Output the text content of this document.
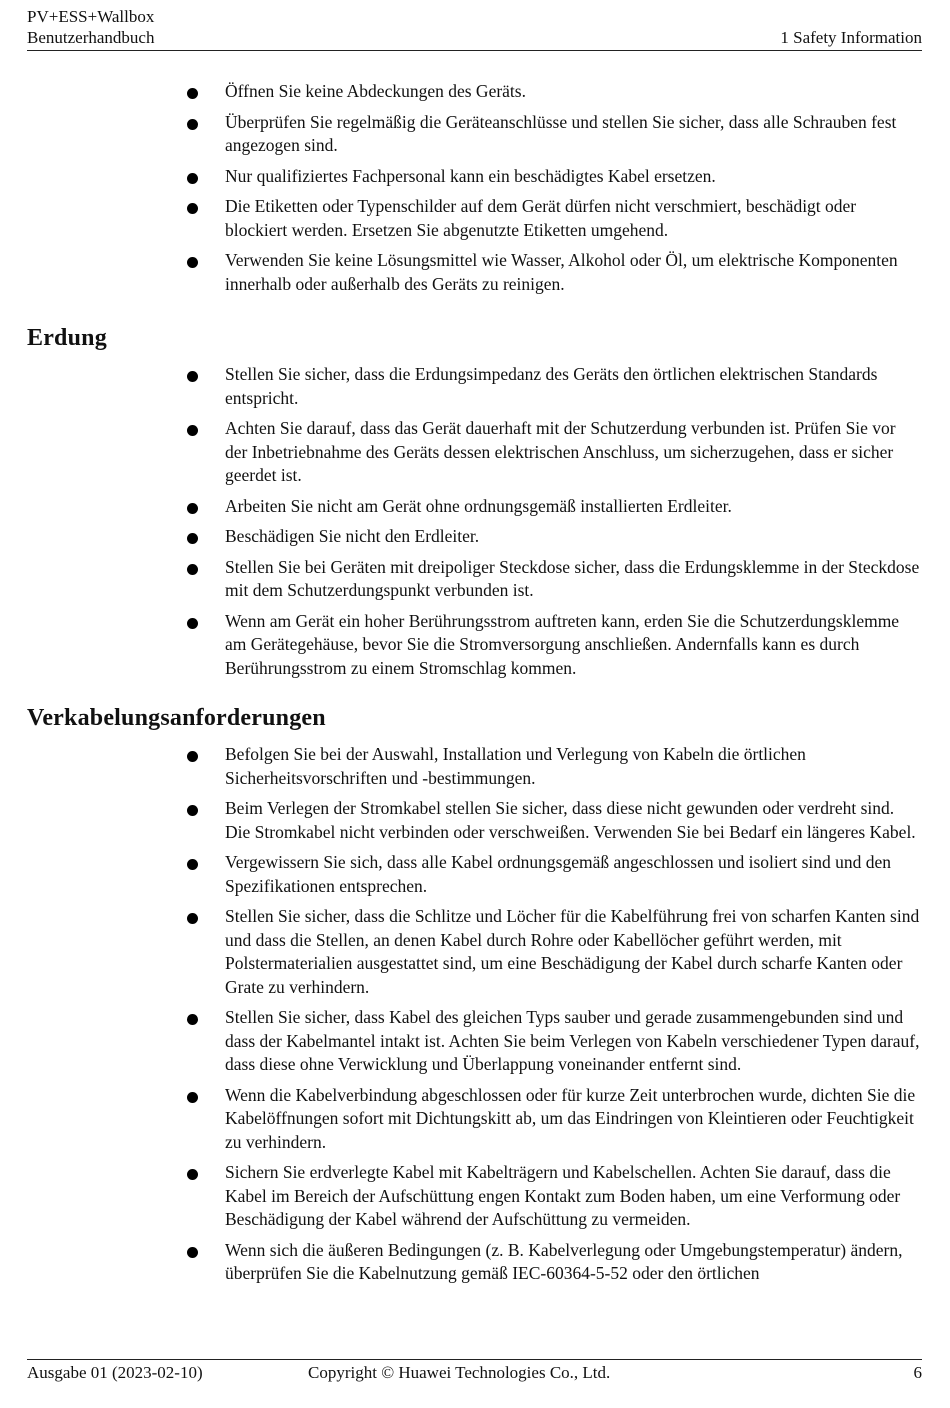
PV+ESS+Wallbox
Benutzerhandbuch	1 Safety Information
Öffnen Sie keine Abdeckungen des Geräts.
Überprüfen Sie regelmäßig die Geräteanschlüsse und stellen Sie sicher, dass alle Schrauben fest angezogen sind.
Nur qualifiziertes Fachpersonal kann ein beschädigtes Kabel ersetzen.
Die Etiketten oder Typenschilder auf dem Gerät dürfen nicht verschmiert, beschädigt oder blockiert werden. Ersetzen Sie abgenutzte Etiketten umgehend.
Verwenden Sie keine Lösungsmittel wie Wasser, Alkohol oder Öl, um elektrische Komponenten innerhalb oder außerhalb des Geräts zu reinigen.
Erdung
Stellen Sie sicher, dass die Erdungsimpedanz des Geräts den örtlichen elektrischen Standards entspricht.
Achten Sie darauf, dass das Gerät dauerhaft mit der Schutzerdung verbunden ist. Prüfen Sie vor der Inbetriebnahme des Geräts dessen elektrischen Anschluss, um sicherzugehen, dass er sicher geerdet ist.
Arbeiten Sie nicht am Gerät ohne ordnungsgemäß installierten Erdleiter.
Beschädigen Sie nicht den Erdleiter.
Stellen Sie bei Geräten mit dreipoliger Steckdose sicher, dass die Erdungsklemme in der Steckdose mit dem Schutzerdungspunkt verbunden ist.
Wenn am Gerät ein hoher Berührungsstrom auftreten kann, erden Sie die Schutzerdungsklemme am Gerätegehäuse, bevor Sie die Stromversorgung anschließen. Andernfalls kann es durch Berührungsstrom zu einem Stromschlag kommen.
Verkabelungsanforderungen
Befolgen Sie bei der Auswahl, Installation und Verlegung von Kabeln die örtlichen Sicherheitsvorschriften und -bestimmungen.
Beim Verlegen der Stromkabel stellen Sie sicher, dass diese nicht gewunden oder verdreht sind. Die Stromkabel nicht verbinden oder verschweißen. Verwenden Sie bei Bedarf ein längeres Kabel.
Vergewissern Sie sich, dass alle Kabel ordnungsgemäß angeschlossen und isoliert sind und den Spezifikationen entsprechen.
Stellen Sie sicher, dass die Schlitze und Löcher für die Kabelführung frei von scharfen Kanten sind und dass die Stellen, an denen Kabel durch Rohre oder Kabellöcher geführt werden, mit Polstermaterialien ausgestattet sind, um eine Beschädigung der Kabel durch scharfe Kanten oder Grate zu verhindern.
Stellen Sie sicher, dass Kabel des gleichen Typs sauber und gerade zusammengebunden sind und dass der Kabelmantel intakt ist. Achten Sie beim Verlegen von Kabeln verschiedener Typen darauf, dass diese ohne Verwicklung und Überlappung voneinander entfernt sind.
Wenn die Kabelverbindung abgeschlossen oder für kurze Zeit unterbrochen wurde, dichten Sie die Kabelöffnungen sofort mit Dichtungskitt ab, um das Eindringen von Kleintieren oder Feuchtigkeit zu verhindern.
Sichern Sie erdverlegte Kabel mit Kabelträgern und Kabelschellen. Achten Sie darauf, dass die Kabel im Bereich der Aufschüttung engen Kontakt zum Boden haben, um eine Verformung oder Beschädigung der Kabel während der Aufschüttung zu vermeiden.
Wenn sich die äußeren Bedingungen (z. B. Kabelverlegung oder Umgebungstemperatur) ändern, überprüfen Sie die Kabelnutzung gemäß IEC-60364-5-52 oder den örtlichen
Ausgabe 01 (2023-02-10)	Copyright © Huawei Technologies Co., Ltd.	6
